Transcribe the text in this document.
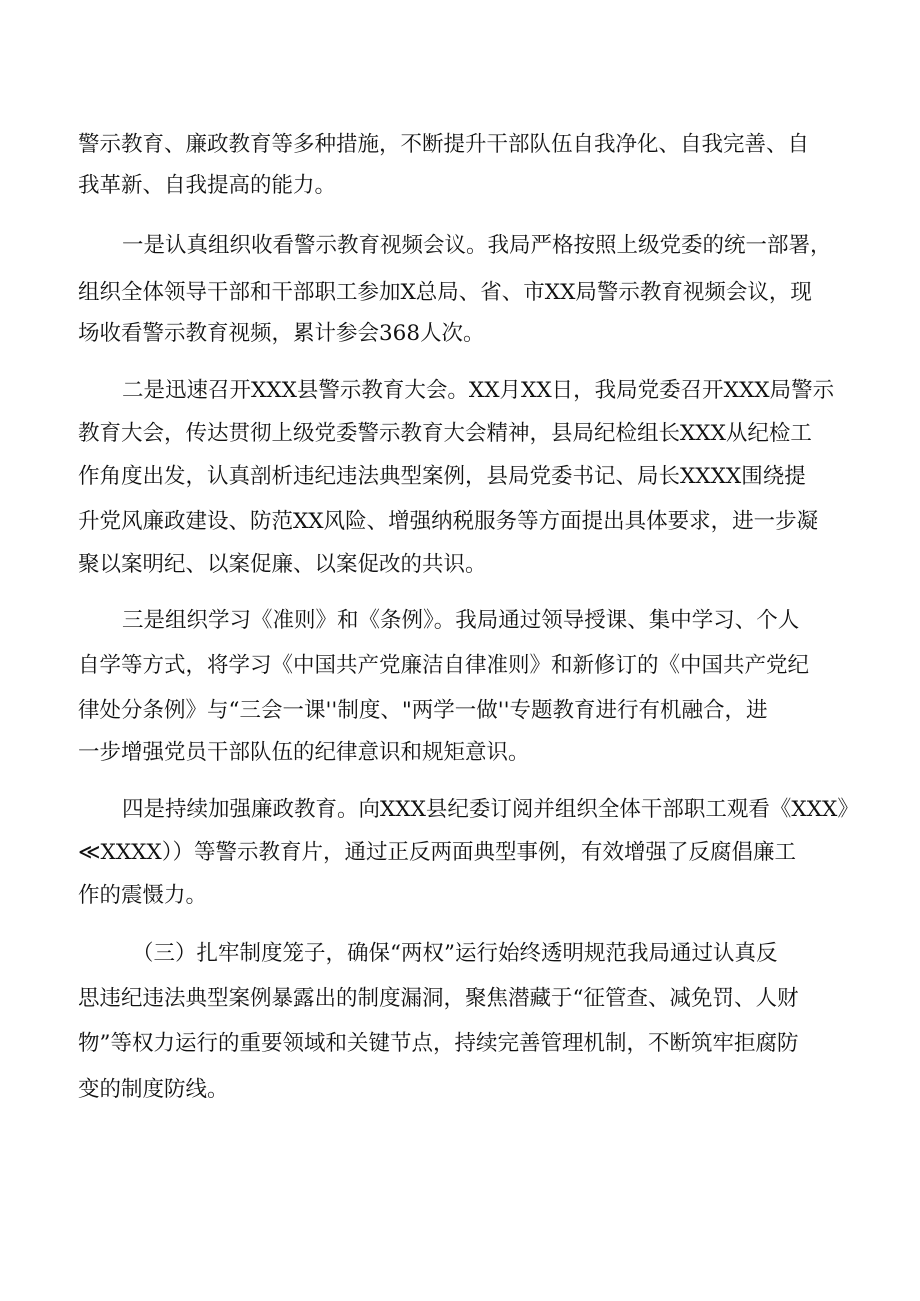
警示教育、廉政教育等多种措施，不断提升干部队伍自我净化、自我完善、自
我革新、自我提高的能力。
一是认真组织收看警示教育视频会议。我局严格按照上级党委的统一部署，
组织全体领导干部和干部职工参加X总局、省、市XX局警示教育视频会议，现
场收看警示教育视频，累计参会368人次。
二是迅速召开XXX县警示教育大会。XX月XX日，我局党委召开XXX局警示
教育大会，传达贯彻上级党委警示教育大会精神，县局纪检组长XXX从纪检工
作角度出发，认真剖析违纪违法典型案例，县局党委书记、局长XXXX围绕提
升党风廉政建设、防范XX风险、增强纳税服务等方面提出具体要求，进一步凝
聚以案明纪、以案促廉、以案促改的共识。
三是组织学习《准则》和《条例》。我局通过领导授课、集中学习、个人
自学等方式，将学习《中国共产党廉洁自律准则》和新修订的《中国共产党纪
律处分条例》与“三会一课''制度、"两学一做''专题教育进行有机融合，进
一步增强党员干部队伍的纪律意识和规矩意识。
四是持续加强廉政教育。向XXX县纪委订阅并组织全体干部职工观看《XXX》
≪XXXX））等警示教育片，通过正反两面典型事例，有效增强了反腐倡廉工
作的震慑力。
（三）扎牢制度笼子，确保“两权”运行始终透明规范我局通过认真反
思违纪违法典型案例暴露出的制度漏洞，聚焦潜藏于“征管查、减免罚、人财
物”等权力运行的重要领域和关键节点，持续完善管理机制，不断筑牢拒腐防
变的制度防线。
